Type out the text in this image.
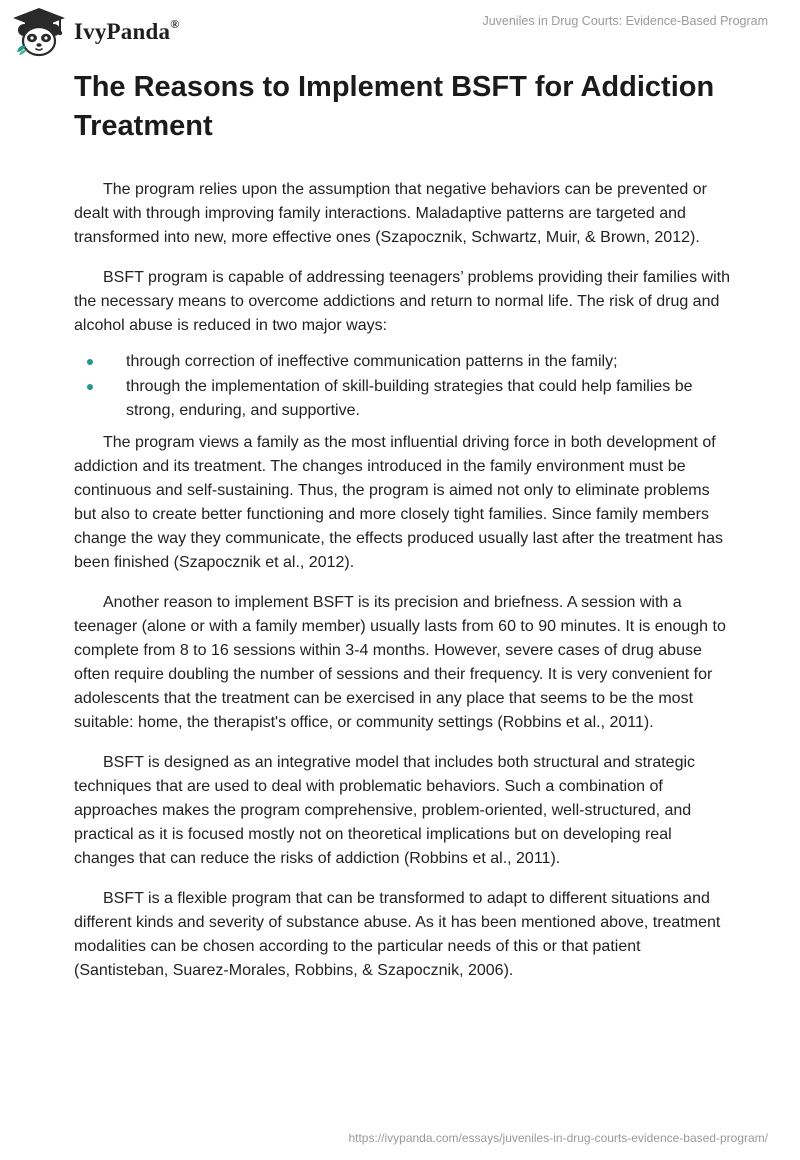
IvyPanda®	Juveniles in Drug Courts: Evidence-Based Program
The Reasons to Implement BSFT for Addiction Treatment

The program relies upon the assumption that negative behaviors can be prevented or dealt with through improving family interactions. Maladaptive patterns are targeted and transformed into new, more effective ones (Szapocznik, Schwartz, Muir, & Brown, 2012).

BSFT program is capable of addressing teenagers’ problems providing their families with the necessary means to overcome addictions and return to normal life. The risk of drug and alcohol abuse is reduced in two major ways:

through correction of ineffective communication patterns in the family;
through the implementation of skill-building strategies that could help families be strong, enduring, and supportive.

The program views a family as the most influential driving force in both development of addiction and its treatment. The changes introduced in the family environment must be continuous and self-sustaining. Thus, the program is aimed not only to eliminate problems but also to create better functioning and more closely tight families. Since family members change the way they communicate, the effects produced usually last after the treatment has been finished (Szapocznik et al., 2012).

Another reason to implement BSFT is its precision and briefness. A session with a teenager (alone or with a family member) usually lasts from 60 to 90 minutes. It is enough to complete from 8 to 16 sessions within 3-4 months. However, severe cases of drug abuse often require doubling the number of sessions and their frequency. It is very convenient for adolescents that the treatment can be exercised in any place that seems to be the most suitable: home, the therapist's office, or community settings (Robbins et al., 2011).

BSFT is designed as an integrative model that includes both structural and strategic techniques that are used to deal with problematic behaviors. Such a combination of approaches makes the program comprehensive, problem-oriented, well-structured, and practical as it is focused mostly not on theoretical implications but on developing real changes that can reduce the risks of addiction (Robbins et al., 2011).

BSFT is a flexible program that can be transformed to adapt to different situations and different kinds and severity of substance abuse. As it has been mentioned above, treatment modalities can be chosen according to the particular needs of this or that patient (Santisteban, Suarez-Morales, Robbins, & Szapocznik, 2006).

https://ivypanda.com/essays/juveniles-in-drug-courts-evidence-based-program/
